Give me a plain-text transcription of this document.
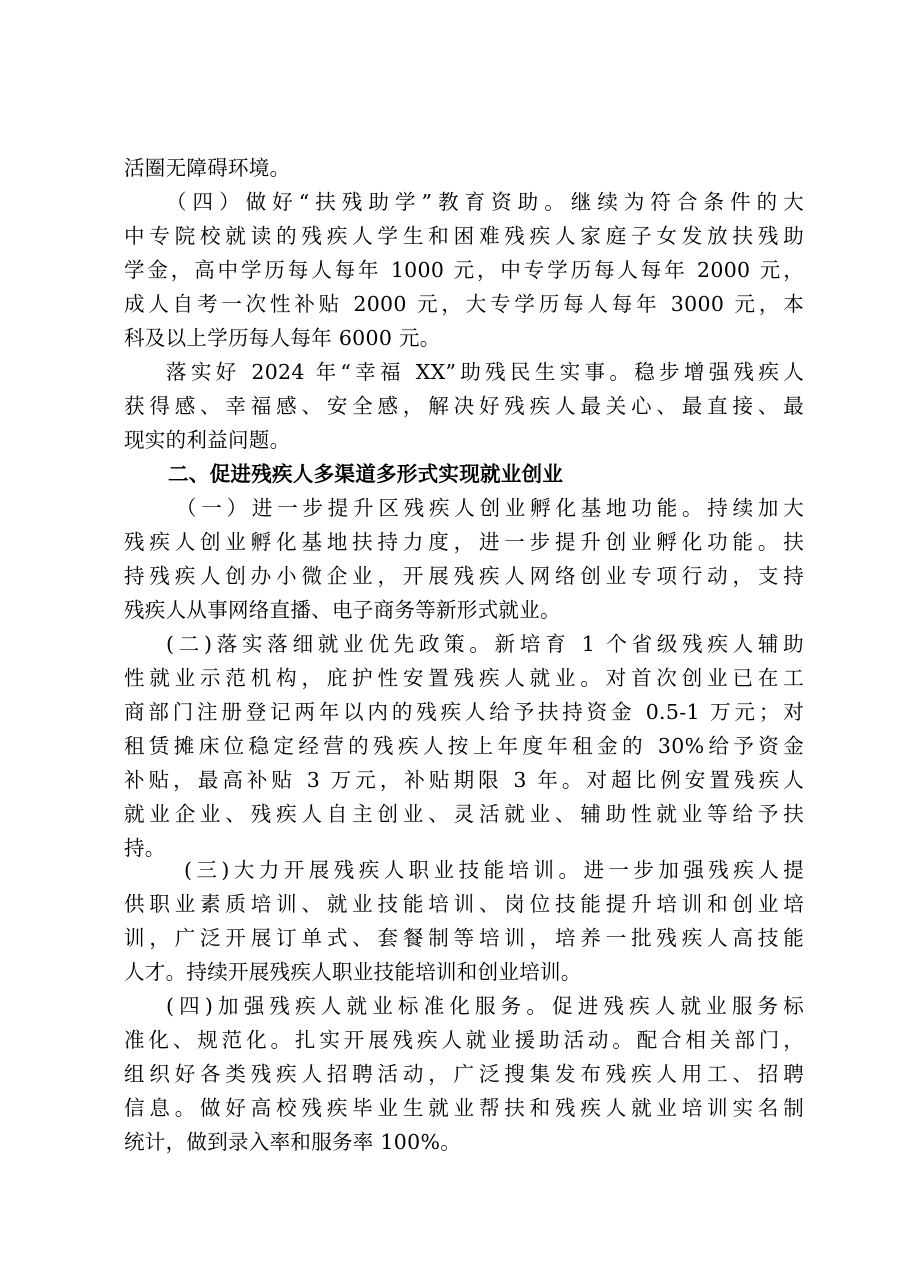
活圈无障碍环境。
（四）做好“扶残助学”教育资助。继续为符合条件的大
中专院校就读的残疾人学生和困难残疾人家庭子女发放扶残助
学金，高中学历每人每年 1000 元，中专学历每人每年 2000 元，
成人自考一次性补贴 2000 元，大专学历每人每年 3000 元，本
科及以上学历每人每年 6000 元。
落实好 2024 年“幸福 XX”助残民生实事。稳步增强残疾人
获得感、幸福感、安全感，解决好残疾人最关心、最直接、最
现实的利益问题。
二、促进残疾人多渠道多形式实现就业创业
（一）进一步提升区残疾人创业孵化基地功能。持续加大
残疾人创业孵化基地扶持力度，进一步提升创业孵化功能。扶
持残疾人创办小微企业，开展残疾人网络创业专项行动，支持
残疾人从事网络直播、电子商务等新形式就业。
(二)落实落细就业优先政策。新培育 1 个省级残疾人辅助
性就业示范机构，庇护性安置残疾人就业。对首次创业已在工
商部门注册登记两年以内的残疾人给予扶持资金 0.5-1 万元；对
租赁摊床位稳定经营的残疾人按上年度年租金的 30%给予资金
补贴，最高补贴 3 万元，补贴期限 3 年。对超比例安置残疾人
就业企业、残疾人自主创业、灵活就业、辅助性就业等给予扶
持。
(三)大力开展残疾人职业技能培训。进一步加强残疾人提
供职业素质培训、就业技能培训、岗位技能提升培训和创业培
训，广泛开展订单式、套餐制等培训，培养一批残疾人高技能
人才。持续开展残疾人职业技能培训和创业培训。
(四)加强残疾人就业标准化服务。促进残疾人就业服务标
准化、规范化。扎实开展残疾人就业援助活动。配合相关部门，
组织好各类残疾人招聘活动，广泛搜集发布残疾人用工、招聘
信息。做好高校残疾毕业生就业帮扶和残疾人就业培训实名制
统计，做到录入率和服务率 100%。
